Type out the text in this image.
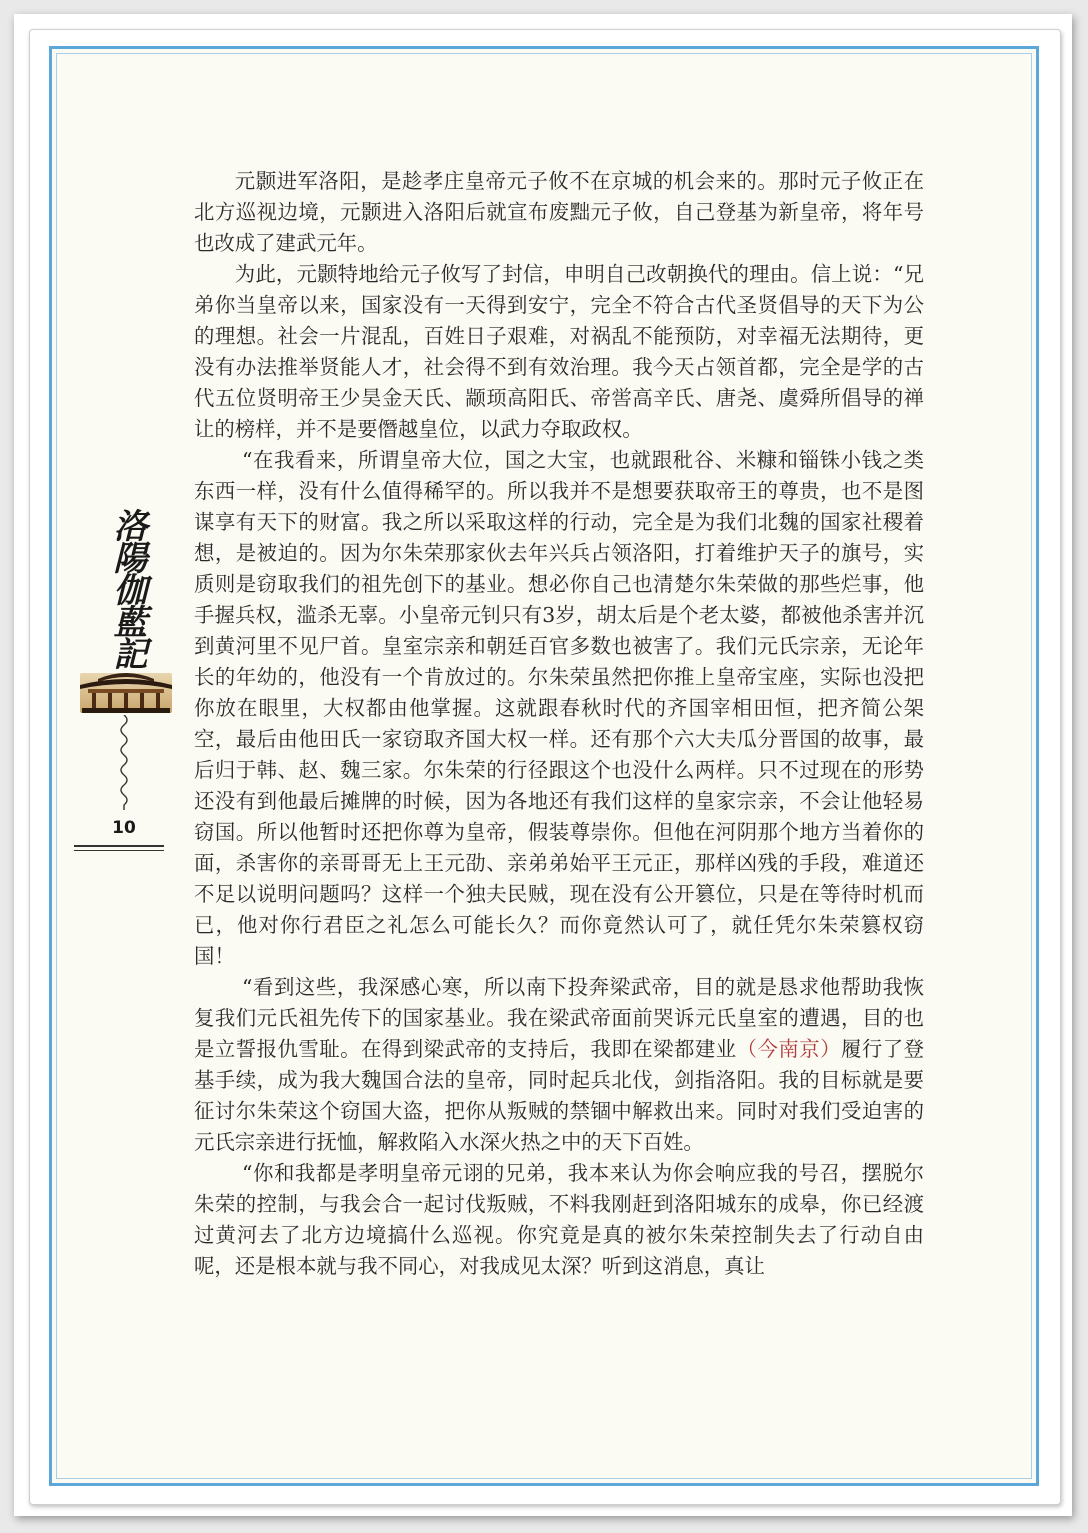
洛陽伽藍記
10

元颢进军洛阳，是趁孝庄皇帝元子攸不在京城的机会来的。那时元子攸正在北方巡视边境，元颢进入洛阳后就宣布废黜元子攸，自己登基为新皇帝，将年号也改成了建武元年。

为此，元颢特地给元子攸写了封信，申明自己改朝换代的理由。信上说：“兄弟你当皇帝以来，国家没有一天得到安宁，完全不符合古代圣贤倡导的天下为公的理想。社会一片混乱，百姓日子艰难，对祸乱不能预防，对幸福无法期待，更没有办法推举贤能人才，社会得不到有效治理。我今天占领首都，完全是学的古代五位贤明帝王少昊金天氏、颛顼高阳氏、帝喾高辛氏、唐尧、虞舜所倡导的禅让的榜样，并不是要僭越皇位，以武力夺取政权。

“在我看来，所谓皇帝大位，国之大宝，也就跟秕谷、米糠和锱铢小钱之类东西一样，没有什么值得稀罕的。所以我并不是想要获取帝王的尊贵，也不是图谋享有天下的财富。我之所以采取这样的行动，完全是为我们北魏的国家社稷着想，是被迫的。因为尔朱荣那家伙去年兴兵占领洛阳，打着维护天子的旗号，实质则是窃取我们的祖先创下的基业。想必你自己也清楚尔朱荣做的那些烂事，他手握兵权，滥杀无辜。小皇帝元钊只有3岁，胡太后是个老太婆，都被他杀害并沉到黄河里不见尸首。皇室宗亲和朝廷百官多数也被害了。我们元氏宗亲，无论年长的年幼的，他没有一个肯放过的。尔朱荣虽然把你推上皇帝宝座，实际也没把你放在眼里，大权都由他掌握。这就跟春秋时代的齐国宰相田恒，把齐简公架空，最后由他田氏一家窃取齐国大权一样。还有那个六大夫瓜分晋国的故事，最后归于韩、赵、魏三家。尔朱荣的行径跟这个也没什么两样。只不过现在的形势还没有到他最后摊牌的时候，因为各地还有我们这样的皇家宗亲，不会让他轻易窃国。所以他暂时还把你尊为皇帝，假装尊崇你。但他在河阴那个地方当着你的面，杀害你的亲哥哥无上王元劭、亲弟弟始平王元正，那样凶残的手段，难道还不足以说明问题吗？这样一个独夫民贼，现在没有公开篡位，只是在等待时机而已，他对你行君臣之礼怎么可能长久？而你竟然认可了，就任凭尔朱荣篡权窃国！

“看到这些，我深感心寒，所以南下投奔梁武帝，目的就是恳求他帮助我恢复我们元氏祖先传下的国家基业。我在梁武帝面前哭诉元氏皇室的遭遇，目的也是立誓报仇雪耻。在得到梁武帝的支持后，我即在梁都建业（今南京）履行了登基手续，成为我大魏国合法的皇帝，同时起兵北伐，剑指洛阳。我的目标就是要征讨尔朱荣这个窃国大盗，把你从叛贼的禁锢中解救出来。同时对我们受迫害的元氏宗亲进行抚恤，解救陷入水深火热之中的天下百姓。

“你和我都是孝明皇帝元诩的兄弟，我本来认为你会响应我的号召，摆脱尔朱荣的控制，与我会合一起讨伐叛贼，不料我刚赶到洛阳城东的成皋，你已经渡过黄河去了北方边境搞什么巡视。你究竟是真的被尔朱荣控制失去了行动自由呢，还是根本就与我不同心，对我成见太深？听到这消息，真让
